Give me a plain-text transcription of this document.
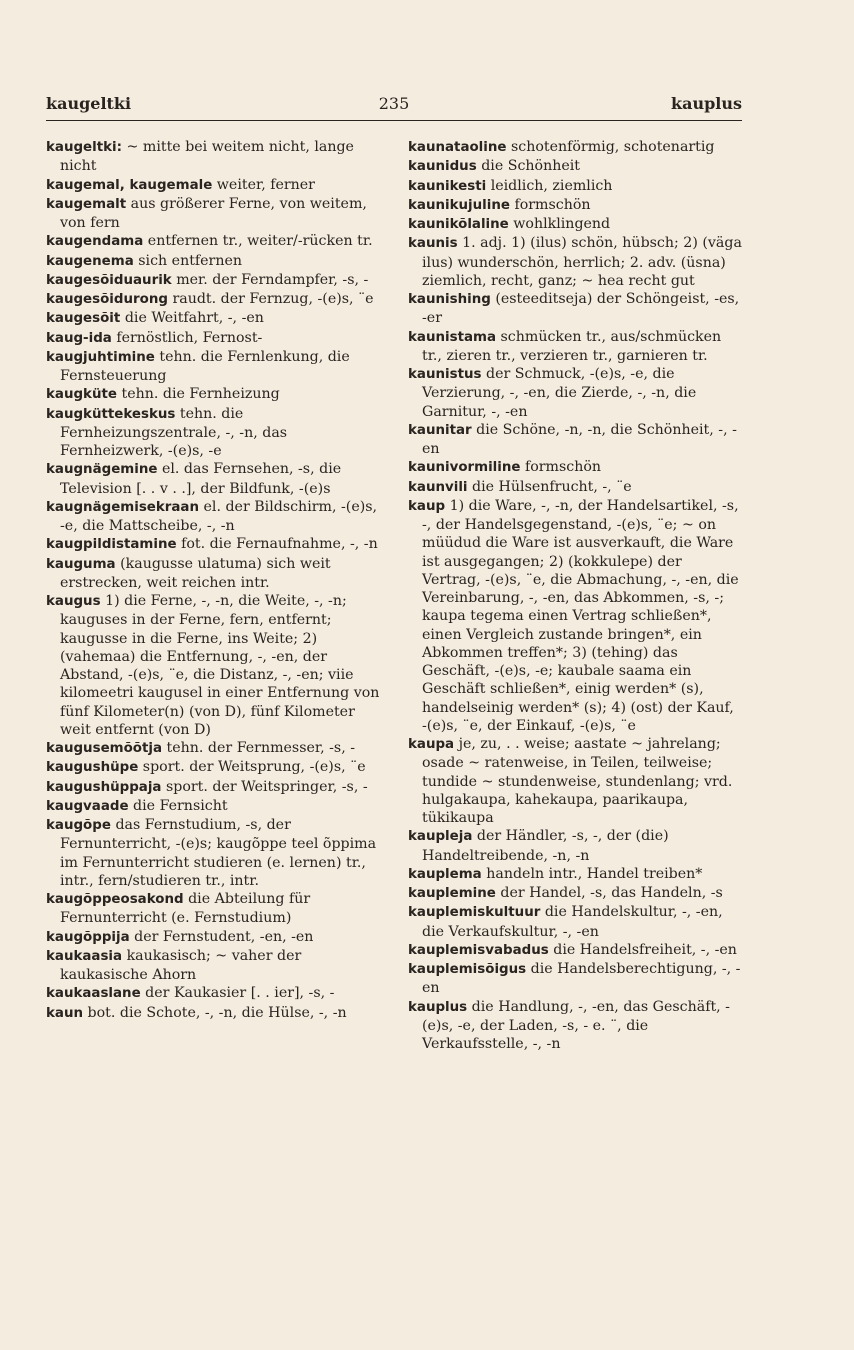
kaugeltki	235	kauplus
kaugeltki: ~ mitte bei weitem nicht, lange nicht
kaugemal, kaugemale weiter, ferner
kaugemalt aus größerer Ferne, von weitem, von fern
kaugendama entfernen tr., weiter/-rücken tr.
kaugenema sich entfernen
kaugesõiduaurik mer. der Ferndampfer, -s, -
kaugesõidurong raudt. der Fernzug, -(e)s, ¨e
kaugesõit die Weitfahrt, -, -en
kaug-ida fernöstlich, Fernost-
kaugjuhtimine tehn. die Fernlenkung, die Fernsteuerung
kaugküte tehn. die Fernheizung
kaugküttekeskus tehn. die Fernheizungszentrale, -, -n, das Fernheizwerk, -(e)s, -e
kaugnägemine el. das Fernsehen, -s, die Television [. . v . .], der Bildfunk, -(e)s
kaugnägemisekraan el. der Bildschirm, -(e)s, -e, die Mattscheibe, -, -n
kaugpildistamine fot. die Fernaufnahme, -, -n
kauguma (kaugusse ulatuma) sich weit erstrecken, weit reichen intr.
kaugus 1) die Ferne, -, -n, die Weite, -, -n; kauguses in der Ferne, fern, entfernt; kaugusse in die Ferne, ins Weite; 2) (vahemaa) die Entfernung, -, -en, der Abstand, -(e)s, ¨e, die Distanz, -, -en; viie kilomeetri kaugusel in einer Entfernung von fünf Kilometer(n) (von D), fünf Kilometer weit entfernt (von D)
kaugusemõõtja tehn. der Fernmesser, -s, -
kaugushüpe sport. der Weitsprung, -(e)s, ¨e
kaugushüppaja sport. der Weitspringer, -s, -
kaugvaade die Fernsicht
kaugõpe das Fernstudium, -s, der Fernunterricht, -(e)s; kaugõppe teel õppima im Fernunterricht studieren (e. lernen) tr., intr., fern/studieren tr., intr.
kaugõppeosakond die Abteilung für Fernunterricht (e. Fernstudium)
kaugõppija der Fernstudent, -en, -en
kaukaasia kaukasisch; ~ vaher der kaukasische Ahorn
kaukaaslane der Kaukasier [. . ier], -s, -
kaun bot. die Schote, -, -n, die Hülse, -, -n
kaunataoline schotenförmig, schotenartig
kaunidus die Schönheit
kaunikesti leidlich, ziemlich
kaunikujuline formschön
kaunikõlaline wohlklingend
kaunis 1. adj. 1) (ilus) schön, hübsch; 2) (väga ilus) wunderschön, herrlich; 2. adv. (üsna) ziemlich, recht, ganz; ~ hea recht gut
kaunishing (esteeditseja) der Schöngeist, -es, -er
kaunistama schmücken tr., aus/schmücken tr., zieren tr., verzieren tr., garnieren tr.
kaunistus der Schmuck, -(e)s, -e, die Verzierung, -, -en, die Zierde, -, -n, die Garnitur, -, -en
kaunitar die Schöne, -n, -n, die Schönheit, -, -en
kaunivormiline formschön
kaunvili die Hülsenfrucht, -, ¨e
kaup 1) die Ware, -, -n, der Handelsartikel, -s, -, der Handelsgegenstand, -(e)s, ¨e; ~ on müüdud die Ware ist ausverkauft, die Ware ist ausgegangen; 2) (kokkulepe) der Vertrag, -(e)s, ¨e, die Abmachung, -, -en, die Vereinbarung, -, -en, das Abkommen, -s, -; kaupa tegema einen Vertrag schließen*, einen Vergleich zustande bringen*, ein Abkommen treffen*; 3) (tehing) das Geschäft, -(e)s, -e; kaubale saama ein Geschäft schließen*, einig werden* (s), handelseinig werden* (s); 4) (ost) der Kauf, -(e)s, ¨e, der Einkauf, -(e)s, ¨e
kaupa je, zu, . . weise; aastate ~ jahrelang; osade ~ ratenweise, in Teilen, teilweise; tundide ~ stundenweise, stundenlang; vrd. hulgakaupa, kahekaupa, paarikaupa, tükikaupa
kaupleja der Händler, -s, -, der (die) Handeltreibende, -n, -n
kauplema handeln intr., Handel treiben*
kauplemine der Handel, -s, das Handeln, -s
kauplemiskultuur die Handelskultur, -, -en, die Verkaufskultur, -, -en
kauplemisvabadus die Handelsfreiheit, -, -en
kauplemisõigus die Handelsberechtigung, -, -en
kauplus die Handlung, -, -en, das Geschäft, -(e)s, -e, der Laden, -s, - e. ¨, die Verkaufsstelle, -, -n
